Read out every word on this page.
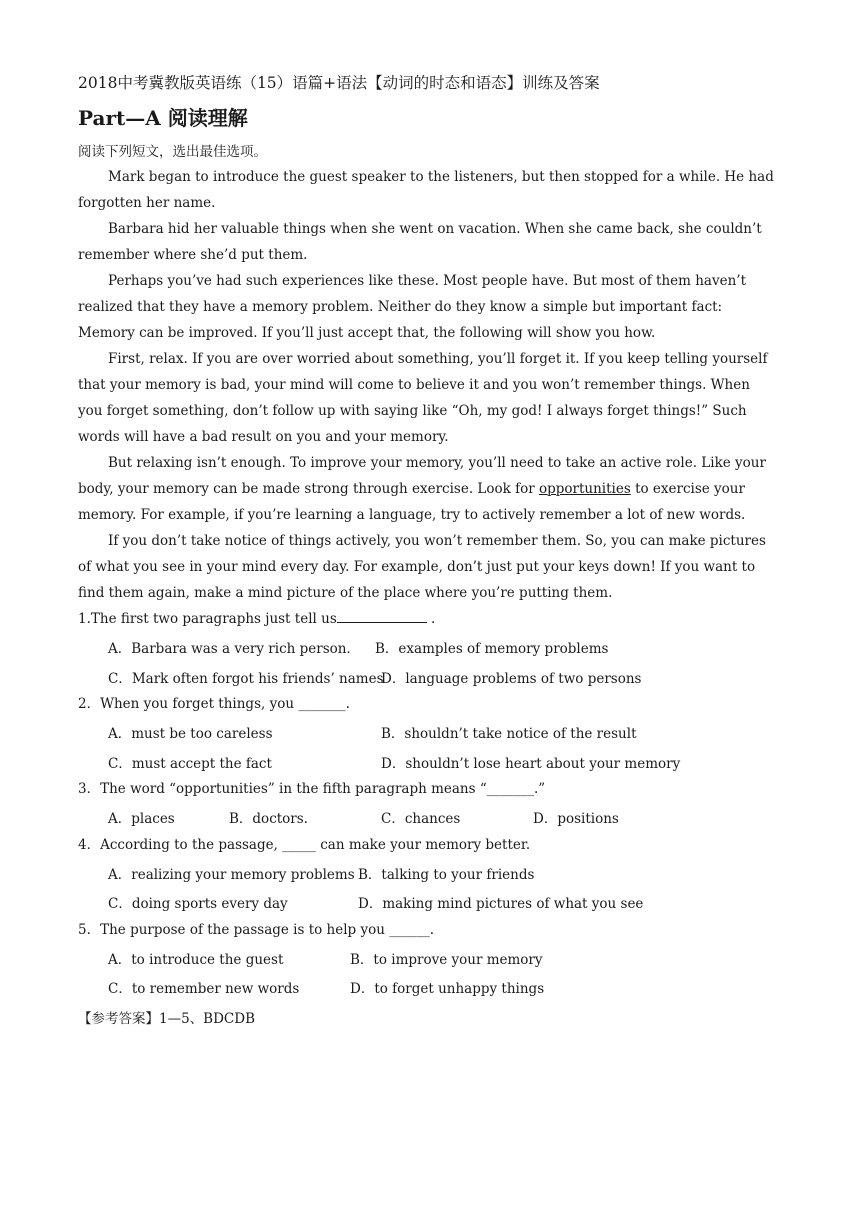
2018中考冀教版英语练（15）语篇+语法【动词的时态和语态】训练及答案

Part—A 阅读理解

阅读下列短文，选出最佳选项。

Mark began to introduce the guest speaker to the listeners, but then stopped for a while. He had forgotten her name.

Barbara hid her valuable things when she went on vacation. When she came back, she couldn’t remember where she’d put them.

Perhaps you’ve had such experiences like these. Most people have. But most of them haven’t realized that they have a memory problem. Neither do they know a simple but important fact: Memory can be improved. If you’ll just accept that, the following will show you how.

First, relax. If you are over worried about something, you’ll forget it. If you keep telling yourself that your memory is bad, your mind will come to believe it and you won’t remember things. When you forget something, don’t follow up with saying like “Oh, my god! I always forget things!” Such words will have a bad result on you and your memory.

But relaxing isn’t enough. To improve your memory, you’ll need to take an active role. Like your body, your memory can be made strong through exercise. Look for opportunities to exercise your memory. For example, if you’re learning a language, try to actively remember a lot of new words.

If you don’t take notice of things actively, you won’t remember them. So, you can make pictures of what you see in your mind every day. For example, don’t just put your keys down! If you want to find them again, make a mind picture of the place where you’re putting them.

1.The first two paragraphs just tell us	.

A．Barbara was a very rich person． B．examples of memory problems
C．Mark often forgot his friends’ names
D．language problems of two persons

2．When you forget things, you _______.

A．must be too careless	B．shouldn’t take notice of the result
C．must accept the fact	D．shouldn’t lose heart about your memory

3．The word “opportunities” in the fifth paragraph means “_______.”

A．places	B．doctors.	C．chances	D．positions

4．According to the passage, _____ can make your memory better.

A．realizing your memory problems B．talking to your friends
C．doing sports every day	D．making mind pictures of what you see

5．The purpose of the passage is to help you ______.

A．to introduce the guest	B．to improve your memory
C．to remember new words	D．to forget unhappy things
【参考答案】1—5、BDCDB
